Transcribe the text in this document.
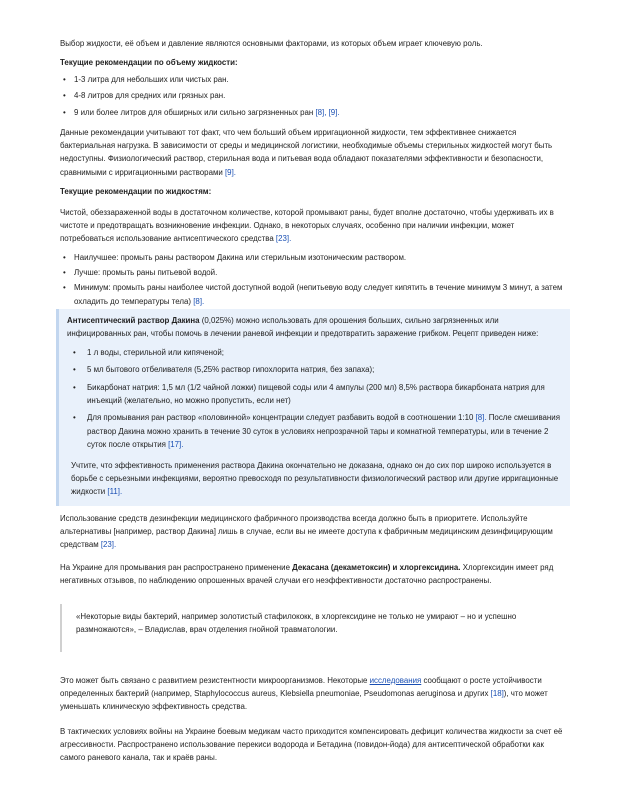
Выбор жидкости, её объем и давление являются основными факторами, из которых объем играет ключевую роль.

Текущие рекомендации по объему жидкости:

• 1-3 литра для небольших или чистых ран.
• 4-8 литров для средних или грязных ран.
• 9 или более литров для обширных или сильно загрязненных ран [8], [9].

Данные рекомендации учитывают тот факт, что чем больший объем ирригационной жидкости, тем эффективнее снижается бактериальная нагрузка. В зависимости от среды и медицинской логистики, необходимые объемы стерильных жидкостей могут быть недоступны. Физиологический раствор, стерильная вода и питьевая вода обладают показателями эффективности и безопасности, сравнимыми с ирригационными растворами [9].

Текущие рекомендации по жидкостям:

Чистой, обеззараженной воды в достаточном количестве, которой промывают раны, будет вполне достаточно, чтобы удерживать их в чистоте и предотвращать возникновение инфекции. Однако, в некоторых случаях, особенно при наличии инфекции, может потребоваться использование антисептического средства [23].

• Наилучшее: промыть раны раствором Дакина или стерильным изотоническим раствором.
• Лучше: промыть раны питьевой водой.
• Минимум: промыть раны наиболее чистой доступной водой (непитьевую воду следует кипятить в течение минимум 3 минут, а затем охладить до температуры тела) [8].

Антисептический раствор Дакина (0,025%) можно использовать для орошения больших, сильно загрязненных или инфицированных ран, чтобы помочь в лечении раневой инфекции и предотвратить заражение грибком. Рецепт приведен ниже:

• 1 л воды, стерильной или кипяченой;
• 5 мл бытового отбеливателя (5,25% раствор гипохлорита натрия, без запаха);
• Бикарбонат натрия: 1,5 мл (1/2 чайной ложки) пищевой соды или 4 ампулы (200 мл) 8,5% раствора бикарбоната натрия для инъекций (желательно, но можно пропустить, если нет)
• Для промывания ран раствор «половинной» концентрации следует разбавить водой в соотношении 1:10 [8]. После смешивания раствор Дакина можно хранить в течение 30 суток в условиях непрозрачной тары и комнатной температуры, или в течение 2 суток после открытия [17].

Учтите, что эффективность применения раствора Дакина окончательно не доказана, однако он до сих пор широко используется в борьбе с серьезными инфекциями, вероятно превосходя по результативности физиологический раствор или другие ирригационные жидкости [11].

Использование средств дезинфекции медицинского фабричного производства всегда должно быть в приоритете. Используйте альтернативы [например, раствор Дакина] лишь в случае, если вы не имеете доступа к фабричным медицинским дезинфицирующим средствам [23].

На Украине для промывания ран распространено применение Декасана (декаметоксин) и хлоргексидина. Хлоргексидин имеет ряд негативных отзывов, по наблюдению опрошенных врачей случаи его неэффективности достаточно распространены.

«Некоторые виды бактерий, например золотистый стафилококк, в хлоргексидине не только не умирают – но и успешно размножаются», – Владислав, врач отделения гнойной травматологии.

Это может быть связано с развитием резистентности микроорганизмов. Некоторые исследования сообщают о росте устойчивости определенных бактерий (например, Staphylococcus aureus, Klebsiella pneumoniae, Pseudomonas aeruginosa и других [18]), что может уменьшать клиническую эффективность средства.

В тактических условиях войны на Украине боевым медикам часто приходится компенсировать дефицит количества жидкости за счет её агрессивности. Распространено использование перекиси водорода и Бетадина (повидон-йода) для антисептической обработки как самого раневого канала, так и краёв раны.
